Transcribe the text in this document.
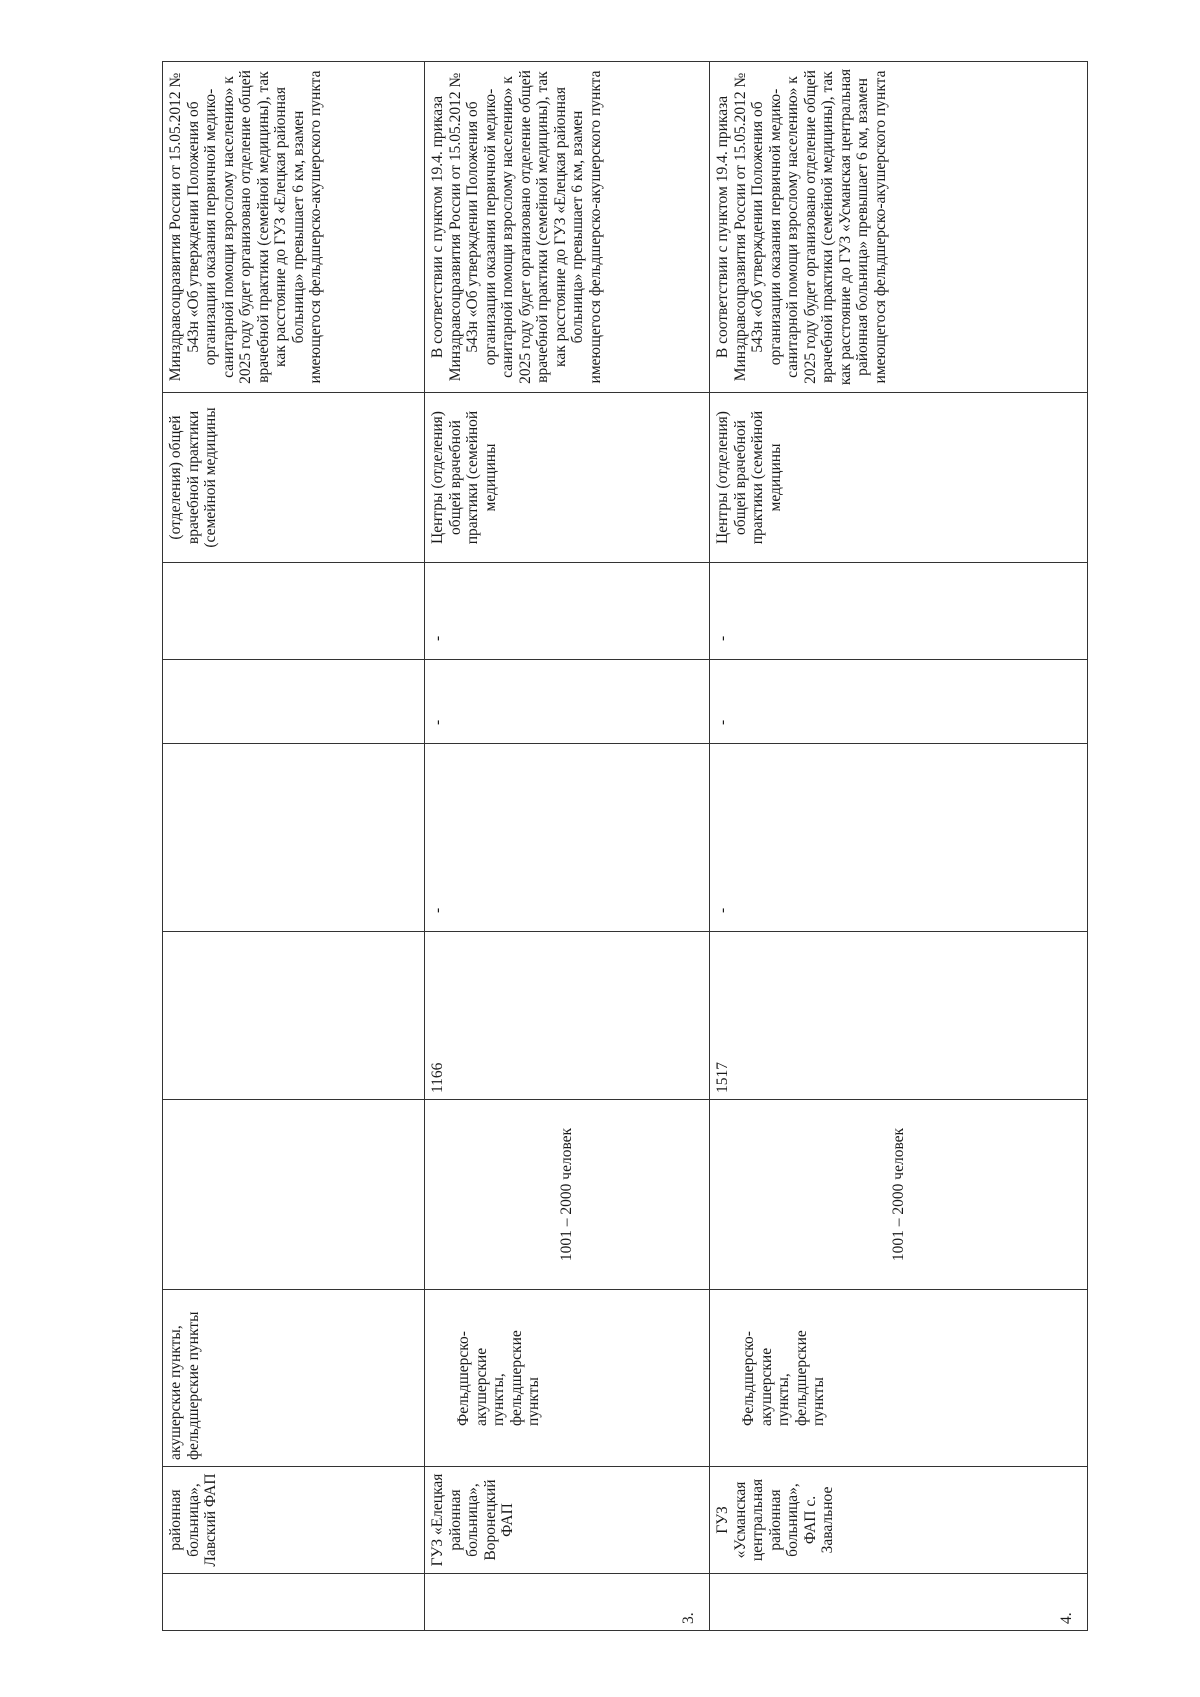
	районная больница», Лавский ФАП	акушерские пункты, фельдшерские пункты						(отделения) общей врачебной практики (семейной медицины	Минздравсоцразвития России от 15.05.2012 № 543н «Об утверждении Положения об организации оказания первичной медико-санитарной помощи взрослому населению» к 2025 году будет организовано отделение общей врачебной практики (семейной медицины), так как расстояние до ГУЗ «Елецкая районная больница» превышает 6 км, взамен имеющегося фельдшерско-акушерского пункта
3.	ГУЗ «Елецкая районная больница», Воронецкий ФАП	Фельдшерско-акушерские пункты, фельдшерские пункты	1001 – 2000 человек	1166	-	-	-	Центры (отделения) общей врачебной практики (семейной медицины	В соответствии с пунктом 19.4. приказа Минздравсоцразвития России от 15.05.2012 № 543н «Об утверждении Положения об организации оказания первичной медико-санитарной помощи взрослому населению» к 2025 году будет организовано отделение общей врачебной практики (семейной медицины), так как расстояние до ГУЗ «Елецкая районная больница» превышает 6 км, взамен имеющегося фельдшерско-акушерского пункта
4.	ГУЗ «Усманская центральная районная больница», ФАП с. Завальное	Фельдшерско-акушерские пункты, фельдшерские пункты	1001 – 2000 человек	1517	-	-	-	Центры (отделения) общей врачебной практики (семейной медицины	В соответствии с пунктом 19.4. приказа Минздравсоцразвития России от 15.05.2012 № 543н «Об утверждении Положения об организации оказания первичной медико-санитарной помощи взрослому населению» к 2025 году будет организовано отделение общей врачебной практики (семейной медицины), так как расстояние до ГУЗ «Усманская центральная районная больница» превышает 6 км, взамен имеющегося фельдшерско-акушерского пункта
